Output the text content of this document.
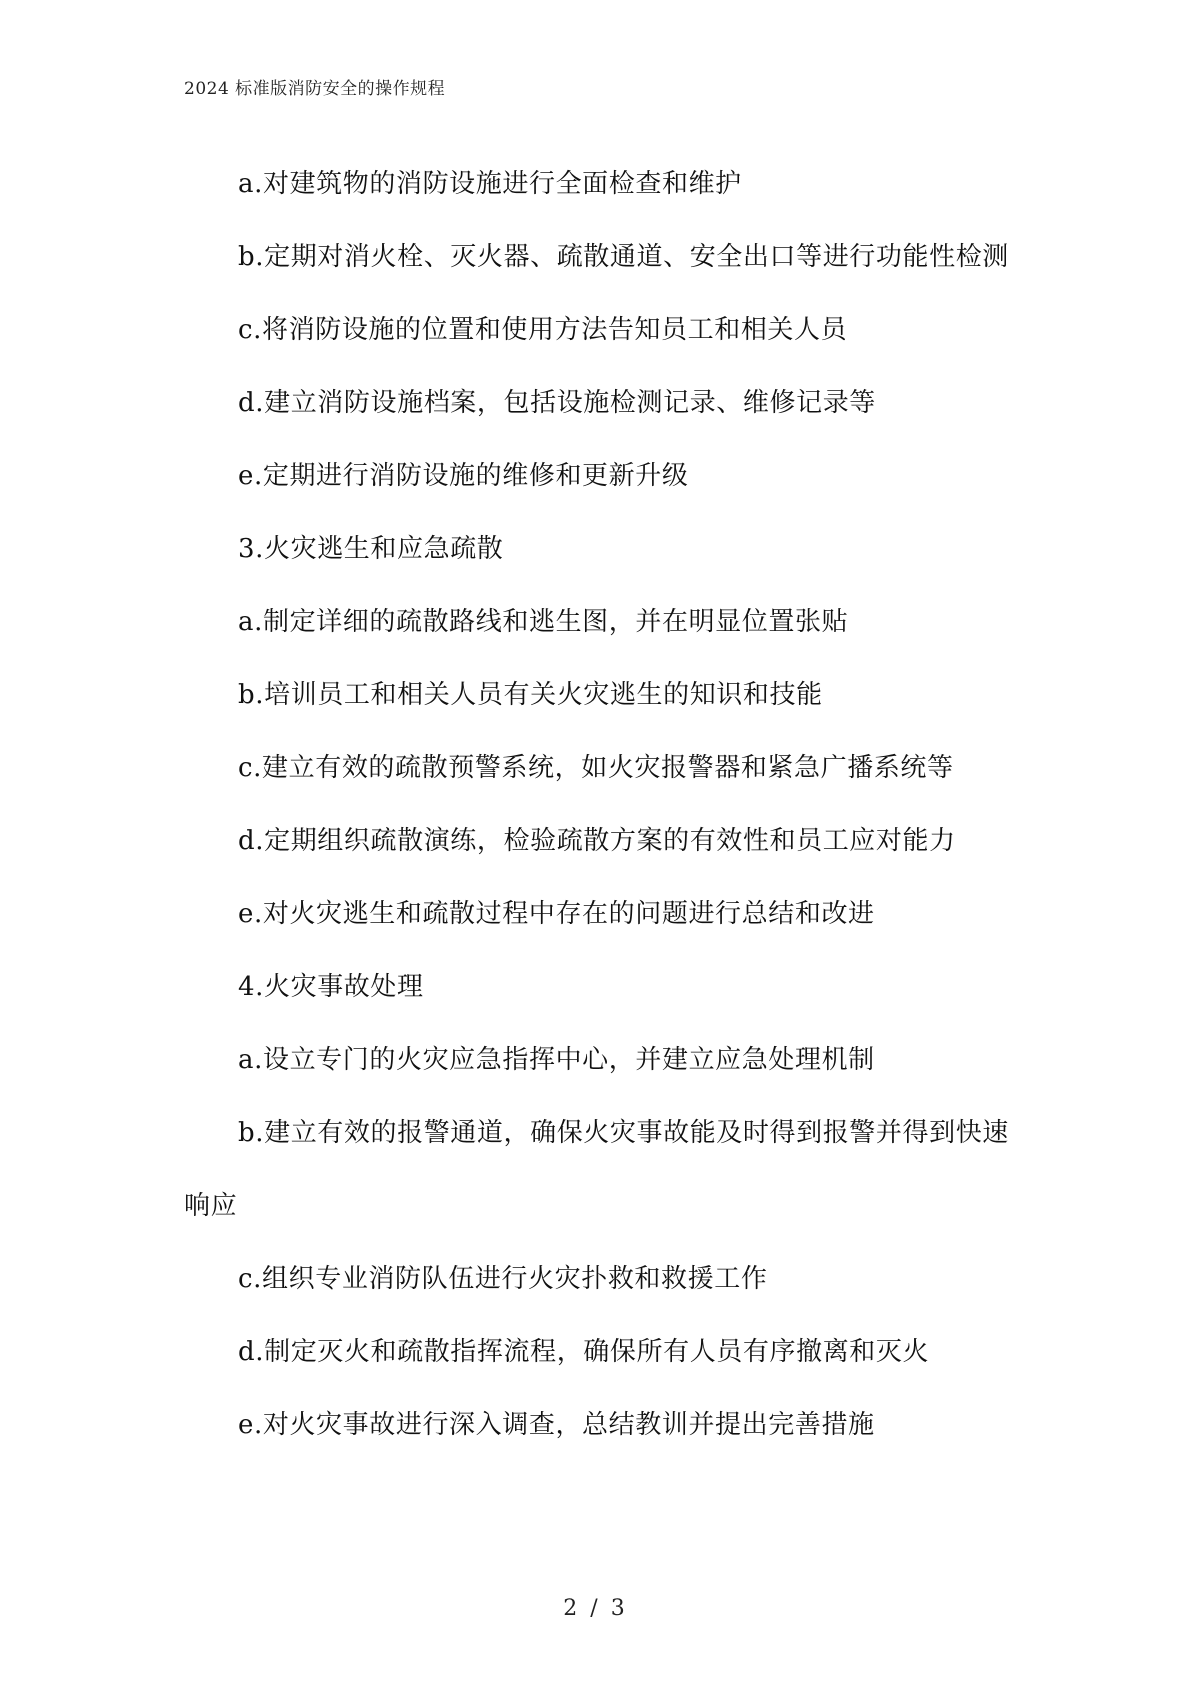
2024 标准版消防安全的操作规程

a.对建筑物的消防设施进行全面检查和维护

b.定期对消火栓、灭火器、疏散通道、安全出口等进行功能性检测

c.将消防设施的位置和使用方法告知员工和相关人员

d.建立消防设施档案，包括设施检测记录、维修记录等

e.定期进行消防设施的维修和更新升级

3.火灾逃生和应急疏散

a.制定详细的疏散路线和逃生图，并在明显位置张贴

b.培训员工和相关人员有关火灾逃生的知识和技能

c.建立有效的疏散预警系统，如火灾报警器和紧急广播系统等

d.定期组织疏散演练，检验疏散方案的有效性和员工应对能力

e.对火灾逃生和疏散过程中存在的问题进行总结和改进

4.火灾事故处理

a.设立专门的火灾应急指挥中心，并建立应急处理机制

b.建立有效的报警通道，确保火灾事故能及时得到报警并得到快速响应

c.组织专业消防队伍进行火灾扑救和救援工作

d.制定灭火和疏散指挥流程，确保所有人员有序撤离和灭火

e.对火灾事故进行深入调查，总结教训并提出完善措施

2 / 3
